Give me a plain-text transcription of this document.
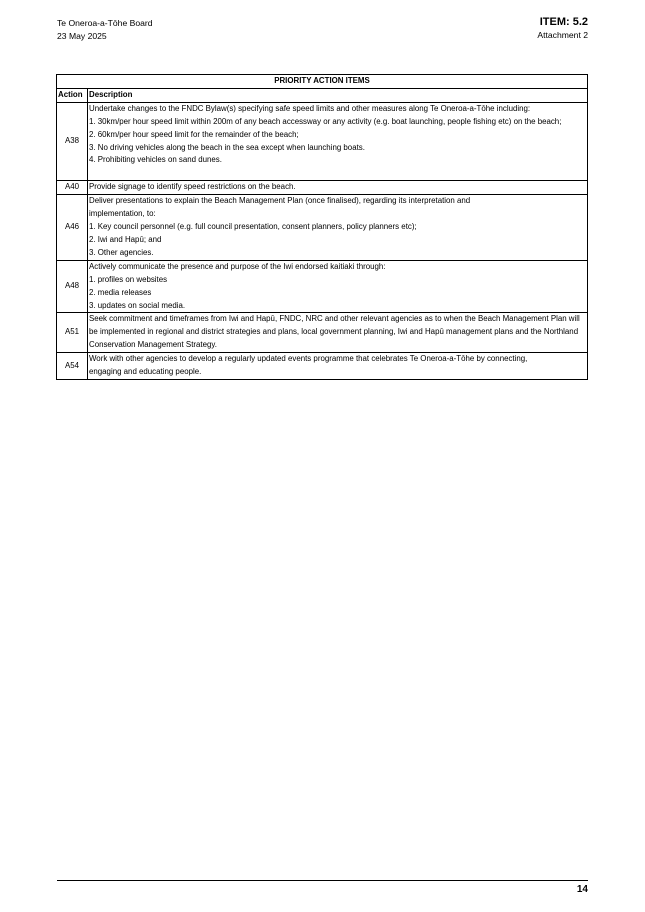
Te Oneroa-a-Tōhe Board
23 May 2025
ITEM: 5.2
Attachment 2
PRIORITY ACTION ITEMS	
Action	Description
A38	Undertake changes to the FNDC Bylaw(s) specifying safe speed limits and other measures along Te Oneroa-a-Tōhe including:
1. 30km/per hour speed limit within 200m of any beach accessway or any activity (e.g. boat launching, people fishing etc) on the beach;
2. 60km/per hour speed limit for the remainder of the beach;
3. No driving vehicles along the beach in the sea except when launching boats.
4. Prohibiting vehicles on sand dunes.

A40	Provide signage to identify speed restrictions on the beach.

A46	Deliver presentations to explain the Beach Management Plan (once finalised), regarding its interpretation and implementation, to:
1. Key council personnel (e.g. full council presentation, consent planners, policy planners etc);
2. Iwi and Hapū; and
3. Other agencies.

A48	Actively communicate the presence and purpose of the Iwi endorsed kaitiaki through:
1. profiles on websites
2. media releases
3. updates on social media.

A51	Seek commitment and timeframes from Iwi and Hapū, FNDC, NRC and other relevant agencies as to when the Beach Management Plan will be implemented in regional and district strategies and plans, local government planning, Iwi and Hapū management plans and the Northland Conservation Management Strategy.

A54	Work with other agencies to develop a regularly updated events programme that celebrates Te Oneroa-a-Tōhe by connecting, engaging and educating people.
14
